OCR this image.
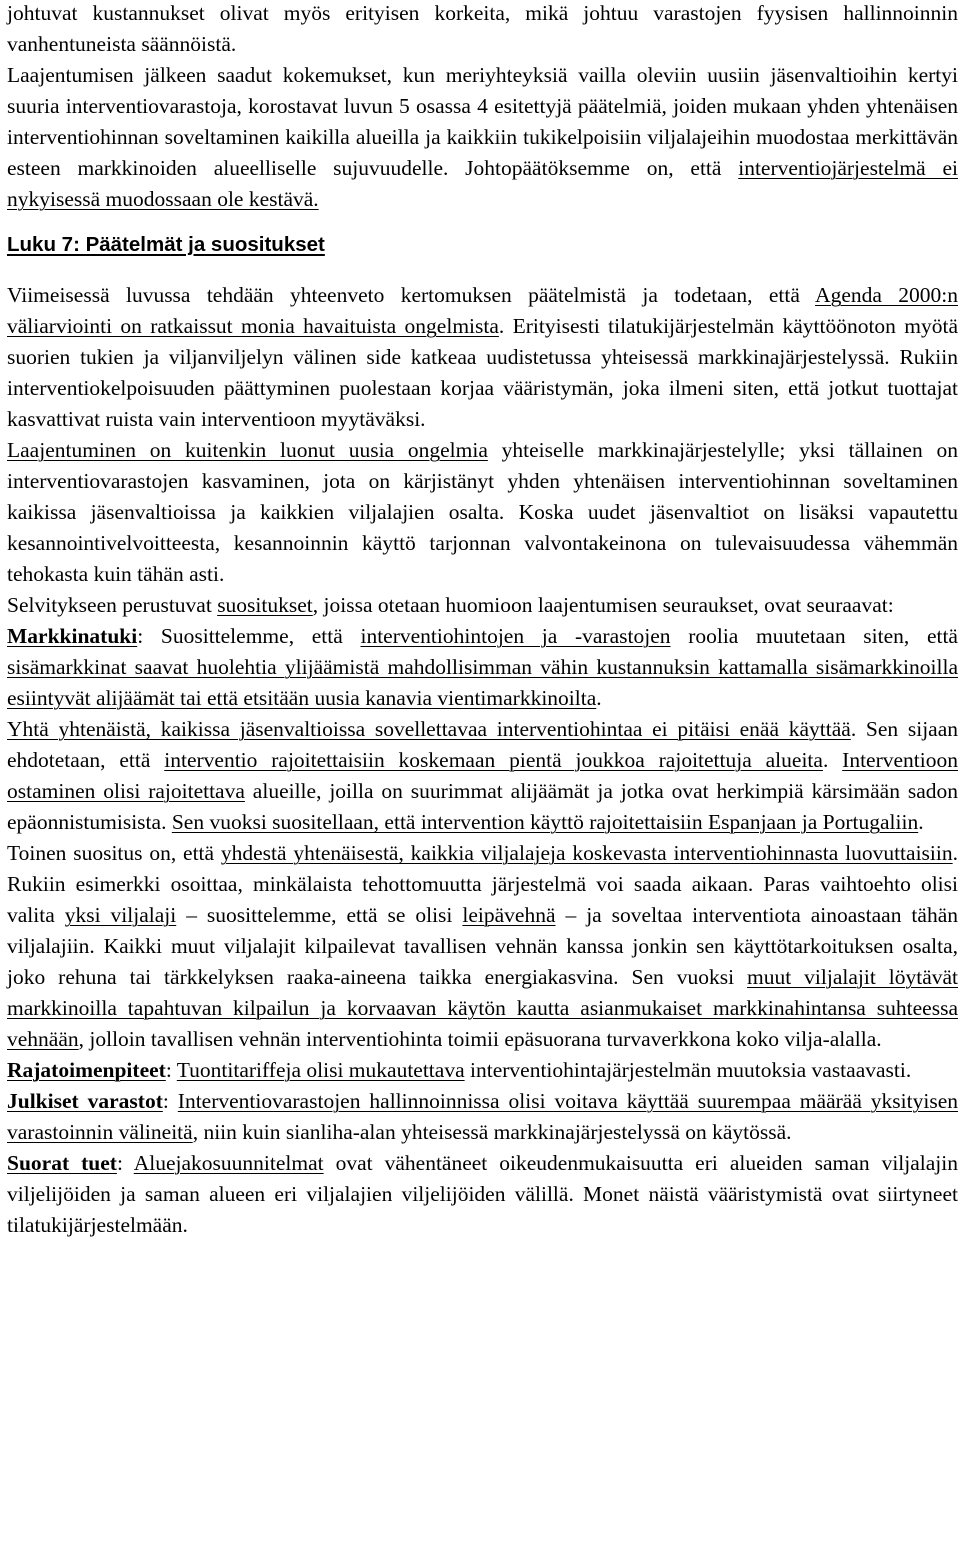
johtuvat kustannukset olivat myös erityisen korkeita, mikä johtuu varastojen fyysisen hallinnoinnin vanhentuneista säännöistä.

Laajentumisen jälkeen saadut kokemukset, kun meriyhteyksiä vailla oleviin uusiin jäsenvaltioihin kertyi suuria interventiovarastoja, korostavat luvun 5 osassa 4 esitettyjä päätelmiä, joiden mukaan yhden yhtenäisen interventiohinnan soveltaminen kaikilla alueilla ja kaikkiin tukikelpoisiin viljalajeihin muodostaa merkittävän esteen markkinoiden alueelliselle sujuvuudelle. Johtopäätöksemme on, että interventiojärjestelmä ei nykyisessä muodossaan ole kestävä.

Luku 7: Päätelmät ja suositukset

Viimeisessä luvussa tehdään yhteenveto kertomuksen päätelmistä ja todetaan, että Agenda 2000:n väliarviointi on ratkaissut monia havaituista ongelmista. Erityisesti tilatukijärjestelmän käyttöönoton myötä suorien tukien ja viljanviljelyn välinen side katkeaa uudistetussa yhteisessä markkinajärjestelyssä. Rukiin interventiokelpoisuuden päättyminen puolestaan korjaa vääristymän, joka ilmeni siten, että jotkut tuottajat kasvattivat ruista vain interventioon myytäväksi.

Laajentuminen on kuitenkin luonut uusia ongelmia yhteiselle markkinajärjestelylle; yksi tällainen on interventiovarastojen kasvaminen, jota on kärjistänyt yhden yhtenäisen interventiohinnan soveltaminen kaikissa jäsenvaltioissa ja kaikkien viljalajien osalta. Koska uudet jäsenvaltiot on lisäksi vapautettu kesannointivelvoitteesta, kesannoinnin käyttö tarjonnan valvontakeinona on tulevaisuudessa vähemmän tehokasta kuin tähän asti.

Selvitykseen perustuvat suositukset, joissa otetaan huomioon laajentumisen seuraukset, ovat seuraavat:

Markkinatuki: Suosittelemme, että interventiohintojen ja -varastojen roolia muutetaan siten, että sisämarkkinat saavat huolehtia ylijäämistä mahdollisimman vähin kustannuksin kattamalla sisämarkkinoilla esiintyvät alijäämät tai että etsitään uusia kanavia vientimarkkinoilta.

Yhtä yhtenäistä, kaikissa jäsenvaltioissa sovellettavaa interventiohintaa ei pitäisi enää käyttää. Sen sijaan ehdotetaan, että interventio rajoitettaisiin koskemaan pientä joukkoa rajoitettuja alueita. Interventioon ostaminen olisi rajoitettava alueille, joilla on suurimmat alijäämät ja jotka ovat herkimpiä kärsimään sadon epäonnistumisista. Sen vuoksi suositellaan, että intervention käyttö rajoitettaisiin Espanjaan ja Portugaliin.

Toinen suositus on, että yhdestä yhtenäisestä, kaikkia viljalajeja koskevasta interventiohinnasta luovuttaisiin. Rukiin esimerkki osoittaa, minkälaista tehottomuutta järjestelmä voi saada aikaan. Paras vaihtoehto olisi valita yksi viljalaji – suosittelemme, että se olisi leipävehnä – ja soveltaa interventiota ainoastaan tähän viljalajiin. Kaikki muut viljalajit kilpailevat tavallisen vehnän kanssa jonkin sen käyttötarkoituksen osalta, joko rehuna tai tärkkelyksen raaka-aineena taikka energiakasvina. Sen vuoksi muut viljalajit löytävät markkinoilla tapahtuvan kilpailun ja korvaavan käytön kautta asianmukaiset markkinahintansa suhteessa vehnään, jolloin tavallisen vehnän interventiohinta toimii epäsuorana turvaverkkona koko vilja-alalla.

Rajatoimenpiteet: Tuontitariffeja olisi mukautettava interventiohintajärjestelmän muutoksia vastaavasti.

Julkiset varastot: Interventiovarastojen hallinnoinnissa olisi voitava käyttää suurempaa määrää yksityisen varastoinnin välineitä, niin kuin sianliha-alan yhteisessä markkinajärjestelyssä on käytössä.

Suorat tuet: Aluejakosuunnitelmat ovat vähentäneet oikeudenmukaisuutta eri alueiden saman viljalajin viljelijöiden ja saman alueen eri viljalajien viljelijöiden välillä. Monet näistä vääristymistä ovat siirtyneet tilatukijärjestelmään.
